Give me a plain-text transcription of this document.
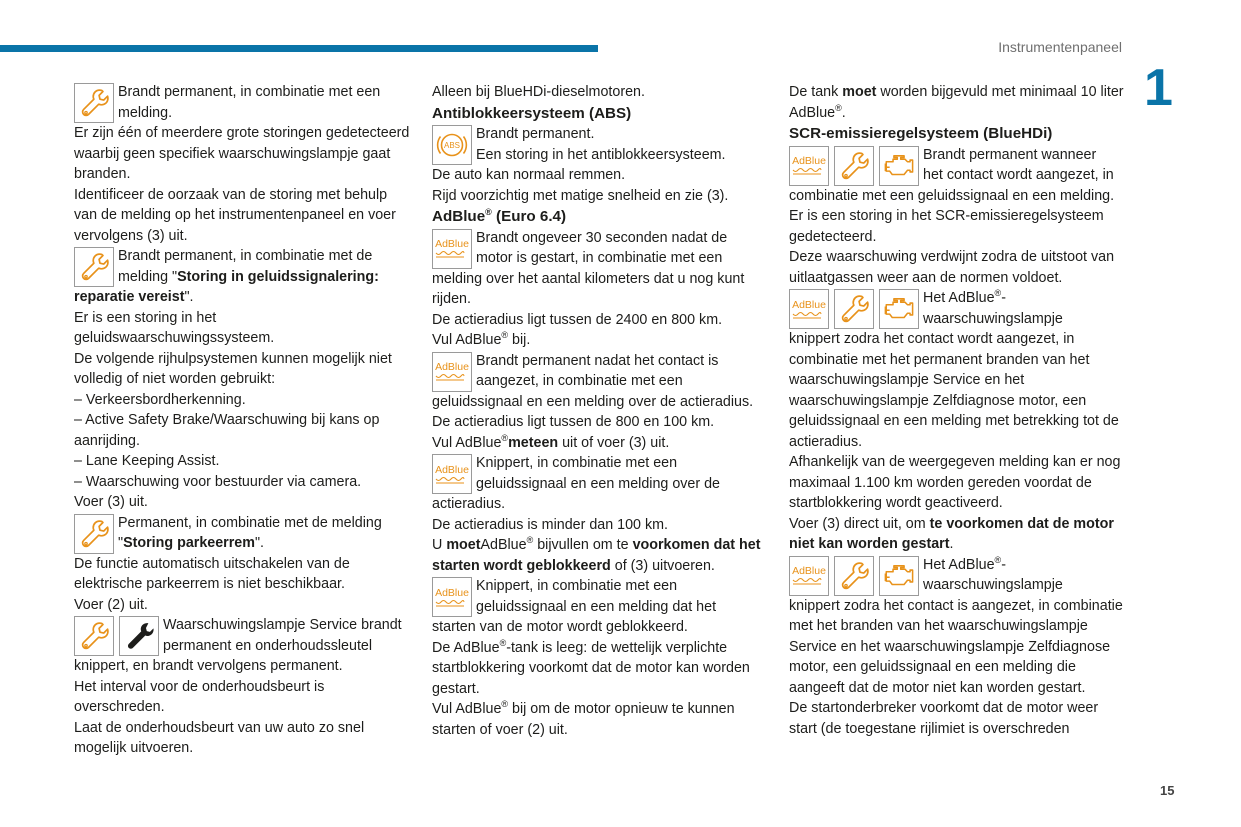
Instrumentenpaneel
1
15

Brandt permanent, in combinatie met een
melding.

Er zijn één of meerdere grote storingen gedetecteerd waarbij geen specifiek waarschuwingslampje gaat branden.

Identificeer de oorzaak van de storing met behulp van de melding op het instrumentenpaneel en voer vervolgens (3) uit.

Brandt permanent, in combinatie met de
melding "Storing in geluidssignalering:

reparatie vereist".

Er is een storing in het geluidswaarschuwingssysteem.

De volgende rijhulpsystemen kunnen mogelijk niet volledig of niet worden gebruikt:

– Verkeersbordherkenning.

– Active Safety Brake/Waarschuwing bij kans op aanrijding.

– Lane Keeping Assist.

– Waarschuwing voor bestuurder via camera.

Voer (3) uit.

Permanent, in combinatie met de melding
"Storing parkeerrem".

De functie automatisch uitschakelen van de elektrische parkeerrem is niet beschikbaar.

Voer (2) uit.

Waarschuwingslampje Service brandt
permanent en onderhoudssleutel

knippert, en brandt vervolgens permanent.

Het interval voor de onderhoudsbeurt is overschreden.

Laat de onderhoudsbeurt van uw auto zo snel mogelijk uitvoeren.

Alleen bij BlueHDi-dieselmotoren.

Antiblokkeersysteem (ABS)
ABS

Brandt permanent.
Een storing in het antiblokkeersysteem.

De auto kan normaal remmen.

Rijd voorzichtig met matige snelheid en zie (3).

AdBlue® (Euro 6.4)
AdBlue Brandt ongeveer 30 seconden nadat de
motor is gestart, in combinatie met een

melding over het aantal kilometers dat u nog kunt rijden.

De actieradius ligt tussen de 2400 en 800 km.

Vul AdBlue® bij.

AdBlue Brandt permanent nadat het contact is
aangezet, in combinatie met een

geluidssignaal en een melding over de actieradius.

De actieradius ligt tussen de 800 en 100 km.

Vul AdBlue®meteen uit of voer (3) uit.

AdBlue Knippert, in combinatie met een
geluidssignaal en een melding over de

actieradius.

De actieradius is minder dan 100 km.

U moetAdBlue® bijvullen om te voorkomen dat het starten wordt geblokkeerd of (3) uitvoeren.

AdBlue Knippert, in combinatie met een
geluidssignaal en een melding dat het

starten van de motor wordt geblokkeerd.

De AdBlue®-tank is leeg: de wettelijk verplichte startblokkering voorkomt dat de motor kan worden gestart.

Vul AdBlue® bij om de motor opnieuw te kunnen starten of voer (2) uit.

De tank moet worden bijgevuld met minimaal 10 liter AdBlue®.

SCR-emissieregelsysteem (BlueHDi)
AdBlue	Brandt permanent wanneer
het contact wordt aangezet, in

combinatie met een geluidssignaal en een melding.

Er is een storing in het SCR-emissieregelsysteem gedetecteerd.

Deze waarschuwing verdwijnt zodra de uitstoot van uitlaatgassen weer aan de normen voldoet.

AdBlue	Het AdBlue®-
waarschuwingslampje

knippert zodra het contact wordt aangezet, in combinatie met het permanent branden van het waarschuwingslampje Service en het waarschuwingslampje Zelfdiagnose motor, een geluidssignaal en een melding met betrekking tot de actieradius.

Afhankelijk van de weergegeven melding kan er nog maximaal 1.100 km worden gereden voordat de startblokkering wordt geactiveerd.

Voer (3) direct uit, om te voorkomen dat de motor niet kan worden gestart.

AdBlue	Het AdBlue®-
waarschuwingslampje

knippert zodra het contact is aangezet, in combinatie met het branden van het waarschuwingslampje Service en het waarschuwingslampje Zelfdiagnose motor, een geluidssignaal en een melding die aangeeft dat de motor niet kan worden gestart.

De startonderbreker voorkomt dat de motor weer start (de toegestane rijlimiet is overschreden
